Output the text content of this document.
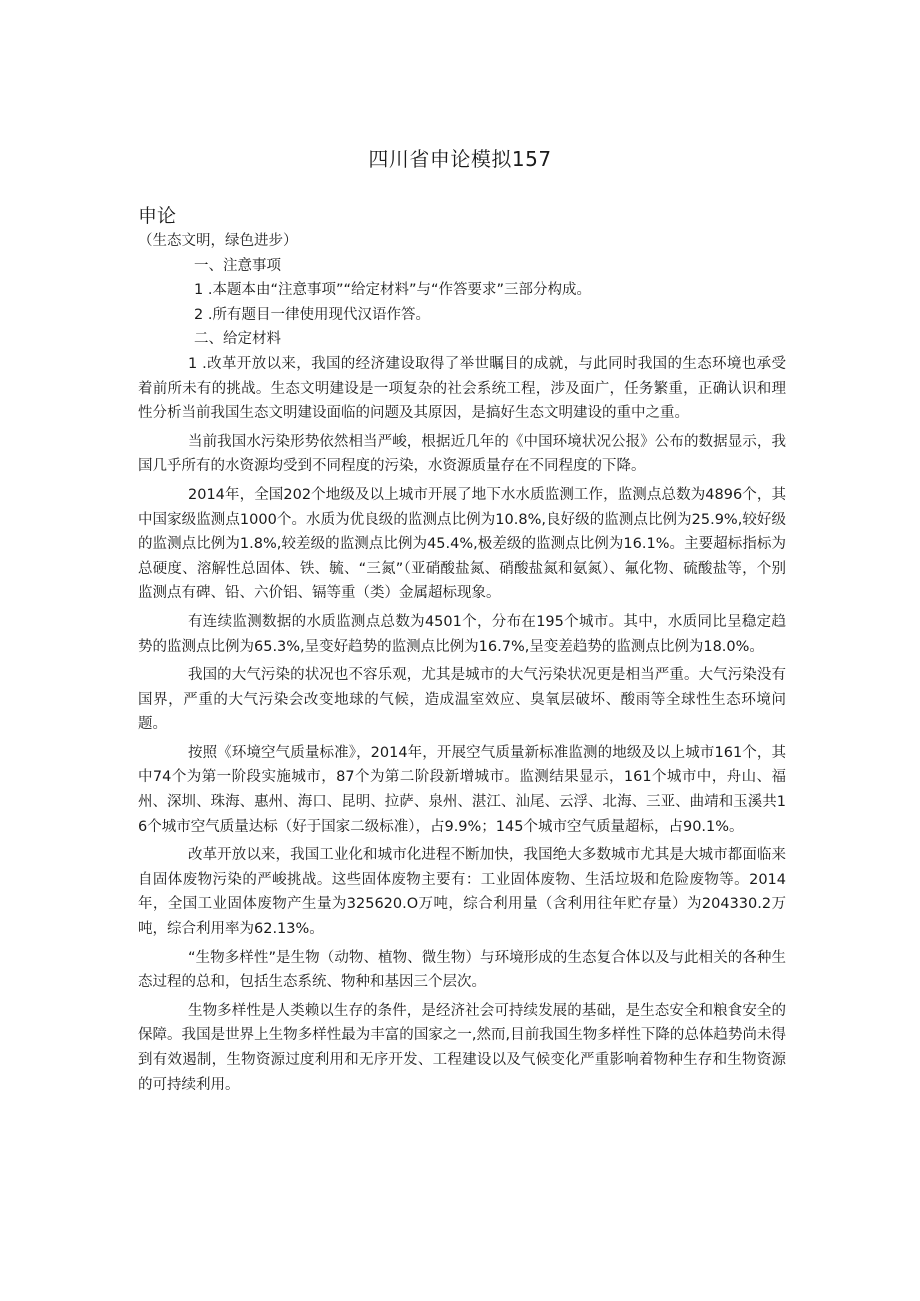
四川省申论模拟157
申论

（生态文明，绿色进步）

一、注意事项

1 .本题本由“注意事项”“给定材料”与“作答要求”三部分构成。

2 .所有题目一律使用现代汉语作答。

二、给定材料

1 .改革开放以来，我国的经济建设取得了举世瞩目的成就，与此同时我国的生态环境也承受着前所未有的挑战。生态文明建设是一项复杂的社会系统工程，涉及面广，任务繁重，正确认识和理性分析当前我国生态文明建设面临的问题及其原因，是搞好生态文明建设的重中之重。

当前我国水污染形势依然相当严峻，根据近几年的《中国环境状况公报》公布的数据显示，我国几乎所有的水资源均受到不同程度的污染，水资源质量存在不同程度的下降。

2014年，全国202个地级及以上城市开展了地下水水质监测工作，监测点总数为4896个，其中国家级监测点1000个。水质为优良级的监测点比例为10.8%,良好级的监测点比例为25.9%,较好级的监测点比例为1.8%,较差级的监测点比例为45.4%,极差级的监测点比例为16.1%。主要超标指标为总硬度、溶解性总固体、铁、毓、“三氮”（亚硝酸盐氮、硝酸盐氮和氨氮）、氟化物、硫酸盐等，个别监测点有碑、铅、六价铝、镉等重（类）金属超标现象。

有连续监测数据的水质监测点总数为4501个，分布在195个城市。其中，水质同比呈稳定趋势的监测点比例为65.3%,呈变好趋势的监测点比例为16.7%,呈变差趋势的监测点比例为18.0%。

我国的大气污染的状况也不容乐观，尤其是城市的大气污染状况更是相当严重。大气污染没有国界，严重的大气污染会改变地球的气候，造成温室效应、臭氧层破坏、酸雨等全球性生态环境问题。

按照《环境空气质量标准》，2014年，开展空气质量新标准监测的地级及以上城市161个，其中74个为第一阶段实施城市，87个为第二阶段新增城市。监测结果显示，161个城市中，舟山、福州、深圳、珠海、惠州、海口、昆明、拉萨、泉州、湛江、汕尾、云浮、北海、三亚、曲靖和玉溪共16个城市空气质量达标（好于国家二级标准），占9.9%；145个城市空气质量超标，占90.1%。

改革开放以来，我国工业化和城市化进程不断加快，我国绝大多数城市尤其是大城市都面临来自固体废物污染的严峻挑战。这些固体废物主要有：工业固体废物、生活垃圾和危险废物等。2014年，全国工业固体废物产生量为325620.O万吨，综合利用量（含利用往年贮存量）为204330.2万吨，综合利用率为62.13%。

“生物多样性”是生物（动物、植物、微生物）与环境形成的生态复合体以及与此相关的各种生态过程的总和，包括生态系统、物种和基因三个层次。

生物多样性是人类赖以生存的条件，是经济社会可持续发展的基础，是生态安全和粮食安全的保障。我国是世界上生物多样性最为丰富的国家之一,然而,目前我国生物多样性下降的总体趋势尚未得到有效遏制，生物资源过度利用和无序开发、工程建设以及气候变化严重影响着物种生存和生物资源的可持续利用。
